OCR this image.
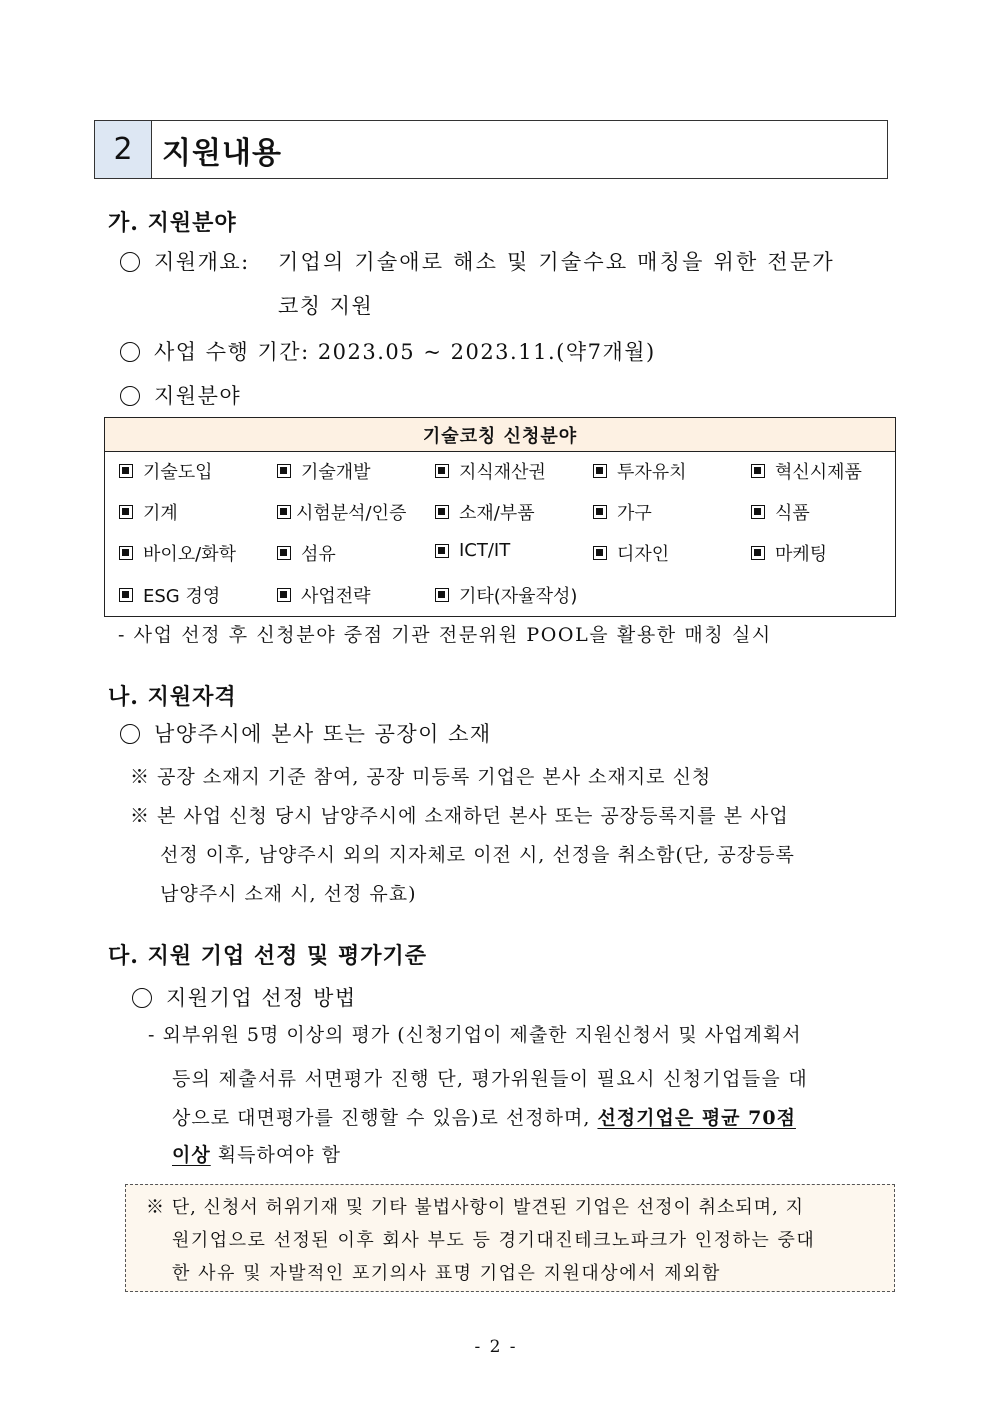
2 지원내용
가. 지원분야
지원개요: 기업의 기술애로 해소 및 기술수요 매칭을 위한 전문가
코칭 지원
사업 수행 기간: 2023.05 ~ 2023.11.(약7개월)
지원분야
기술코칭 신청분야
기술도입	기술개발	지식재산권	투자유치	혁신시제품
기계	시험분석/인증	소재/부품	가구	식품
바이오/화학	섬유	ICT/IT	디자인	마케팅
ESG 경영	사업전략	기타(자율작성)
- 사업 선정 후 신청분야 중점 기관 전문위원 POOL을 활용한 매칭 실시
나. 지원자격
남양주시에 본사 또는 공장이 소재
※ 공장 소재지 기준 참여, 공장 미등록 기업은 본사 소재지로 신청
※ 본 사업 신청 당시 남양주시에 소재하던 본사 또는 공장등록지를 본 사업
선정 이후, 남양주시 외의 지자체로 이전 시, 선정을 취소함(단, 공장등록
남양주시 소재 시, 선정 유효)
다. 지원 기업 선정 및 평가기준
지원기업 선정 방법
- 외부위원 5명 이상의 평가 (신청기업이 제출한 지원신청서 및 사업계획서
등의 제출서류 서면평가 진행 단, 평가위원들이 필요시 신청기업들을 대
상으로 대면평가를 진행할 수 있음)로 선정하며, 선정기업은 평균 70점
이상 획득하여야 함
※ 단, 신청서 허위기재 및 기타 불법사항이 발견된 기업은 선정이 취소되며, 지
원기업으로 선정된 이후 회사 부도 등 경기대진테크노파크가 인정하는 중대
한 사유 및 자발적인 포기의사 표명 기업은 지원대상에서 제외함
- 2 -
